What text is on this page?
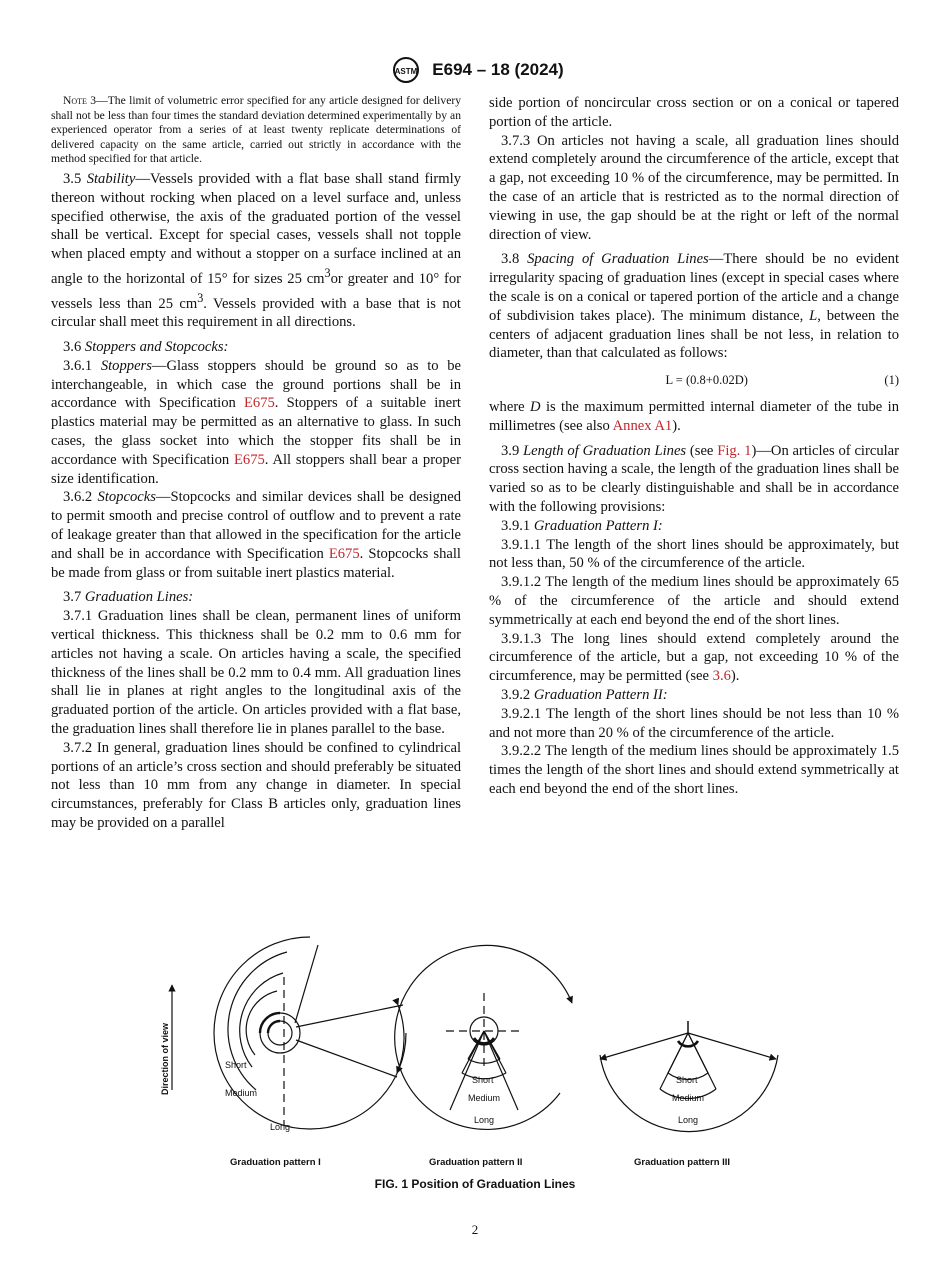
ASTM E694 – 18 (2024)

Note 3—The limit of volumetric error specified for any article designed for delivery shall not be less than four times the standard deviation determined experimentally by an experienced operator from a series of at least twenty replicate determinations of delivered capacity on the same article, carried out strictly in accordance with the method specified for that article.

3.5 Stability—Vessels provided with a flat base shall stand firmly thereon without rocking when placed on a level surface and, unless specified otherwise, the axis of the graduated portion of the vessel shall be vertical. Except for special cases, vessels shall not topple when placed empty and without a stopper on a surface inclined at an angle to the horizontal of 15° for sizes 25 $cm^3or$ greater and 10° for vessels less than 25 $cm^3$. Vessels provided with a base that is not circular shall meet this requirement in all directions.

3.6 Stoppers and Stopcocks:

3.6.1 Stoppers—Glass stoppers should be ground so as to be interchangeable, in which case the ground portions shall be in accordance with Specification E675. Stoppers of a suitable inert plastics material may be permitted as an alternative to glass. In such cases, the glass socket into which the stopper fits shall be in accordance with Specification E675. All stoppers shall bear a proper size identification.

3.6.2 Stopcocks—Stopcocks and similar devices shall be designed to permit smooth and precise control of outflow and to prevent a rate of leakage greater than that allowed in the specification for the article and shall be in accordance with Specification E675. Stopcocks shall be made from glass or from suitable inert plastics material.

3.7 Graduation Lines:

3.7.1 Graduation lines shall be clean, permanent lines of uniform vertical thickness. This thickness shall be 0.2 mm to 0.6 mm for articles not having a scale. On articles having a scale, the specified thickness of the lines shall be 0.2 mm to 0.4 mm. All graduation lines shall lie in planes at right angles to the longitudinal axis of the graduated portion of the article. On articles provided with a flat base, the graduation lines shall therefore lie in planes parallel to the base.

3.7.2 In general, graduation lines should be confined to cylindrical portions of an article’s cross section and should preferably be situated not less than 10 mm from any change in diameter. In special circumstances, preferably for Class B articles only, graduation lines may be provided on a parallel

side portion of noncircular cross section or on a conical or tapered portion of the article.

3.7.3 On articles not having a scale, all graduation lines should extend completely around the circumference of the article, except that a gap, not exceeding 10 % of the circumference, may be permitted. In the case of an article that is restricted as to the normal direction of viewing in use, the gap should be at the right or left of the normal direction of view.

3.8 Spacing of Graduation Lines—There should be no evident irregularity spacing of graduation lines (except in special cases where the scale is on a conical or tapered portion of the article and a change of subdivision takes place). The minimum distance, L, between the centers of adjacent graduation lines shall be not less, in relation to diameter, than that calculated as follows:

L = (0.8+0.02D)	(1)

where D is the maximum permitted internal diameter of the tube in millimetres (see also Annex A1).

3.9 Length of Graduation Lines (see Fig. 1)—On articles of circular cross section having a scale, the length of the graduation lines shall be varied so as to be clearly distinguishable and shall be in accordance with the following provisions:

3.9.1 Graduation Pattern I:

3.9.1.1 The length of the short lines should be approximately, but not less than, 50 % of the circumference of the article.

3.9.1.2 The length of the medium lines should be approximately 65 % of the circumference of the article and should extend symmetrically at each end beyond the end of the short lines.

3.9.1.3 The long lines should extend completely around the circumference of the article, but a gap, not exceeding 10 % of the circumference, may be permitted (see 3.6).

3.9.2 Graduation Pattern II:

3.9.2.1 The length of the short lines should be not less than 10 % and not more than 20 % of the circumference of the article.

3.9.2.2 The length of the medium lines should be approximately 1.5 times the length of the short lines and should extend symmetrically at each end beyond the end of the short lines.

Direction of view	Short
Medium
Long
Short
Medium
Long
Short
Medium
Long
Graduation pattern I	Graduation pattern II	Graduation pattern III
FIG. 1 Position of Graduation Lines
2
